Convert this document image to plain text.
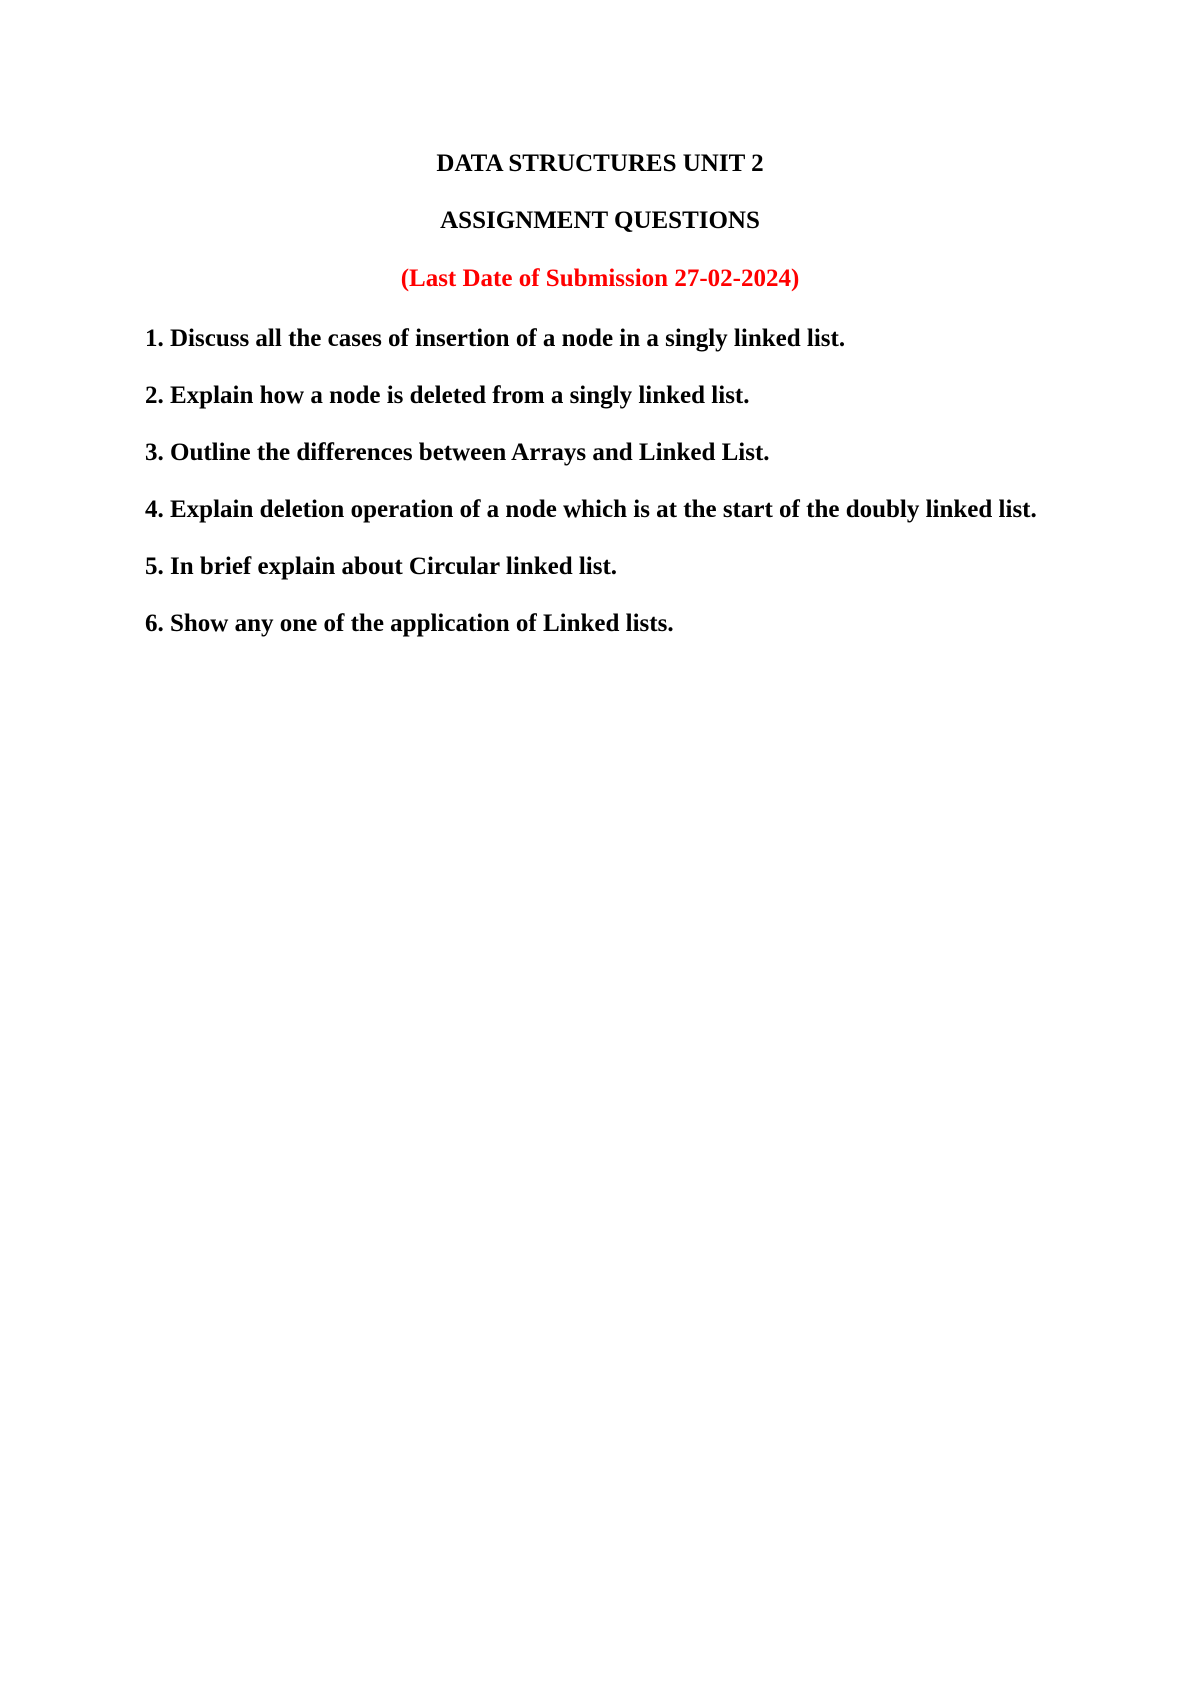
DATA STRUCTURES UNIT 2

ASSIGNMENT QUESTIONS

(Last Date of Submission 27-02-2024)

1. Discuss all the cases of insertion of a node in a singly linked list.
2. Explain how a node is deleted from a singly linked list.
3. Outline the differences between Arrays and Linked List.
4. Explain deletion operation of a node which is at the start of the doubly linked list.
5. In brief explain about Circular linked list.
6. Show any one of the application of Linked lists.
